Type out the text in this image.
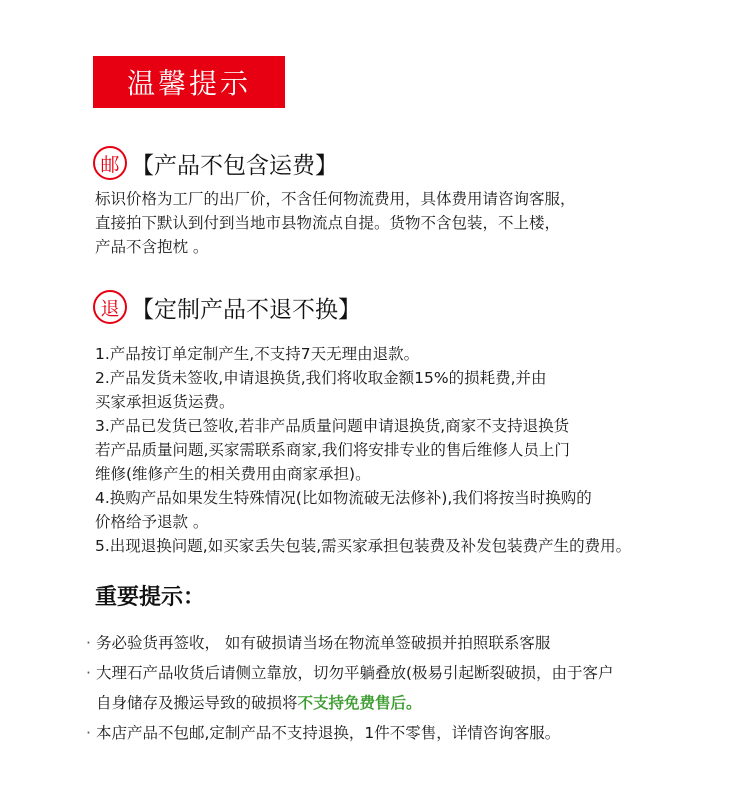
温馨提示
邮 【产品不包含运费】
标识价格为工厂的出厂价，不含任何物流费用，具体费用请咨询客服，
直接拍下默认到付到当地市县物流点自提。货物不含包装，不上楼，
产品不含抱枕 。
退 【定制产品不退不换】
1.产品按订单定制产生,不支持7天无理由退款。
2.产品发货未签收,申请退换货,我们将收取金额15%的损耗费,并由
买家承担返货运费。
3.产品已发货已签收,若非产品质量问题申请退换货,商家不支持退换货
若产品质量问题,买家需联系商家,我们将安排专业的售后维修人员上门
维修(维修产生的相关费用由商家承担)。
4.换购产品如果发生特殊情况(比如物流破无法修补),我们将按当时换购的
价格给予退款 。
5.出现退换问题,如买家丢失包装,需买家承担包装费及补发包装费产生的费用。
重要提示：
· 务必验货再签收， 如有破损请当场在物流单签破损并拍照联系客服
· 大理石产品收货后请侧立靠放，切勿平躺叠放(极易引起断裂破损，由于客户
自身储存及搬运导致的破损将不支持免费售后。
· 本店产品不包邮,定制产品不支持退换，1件不零售，详情咨询客服。
